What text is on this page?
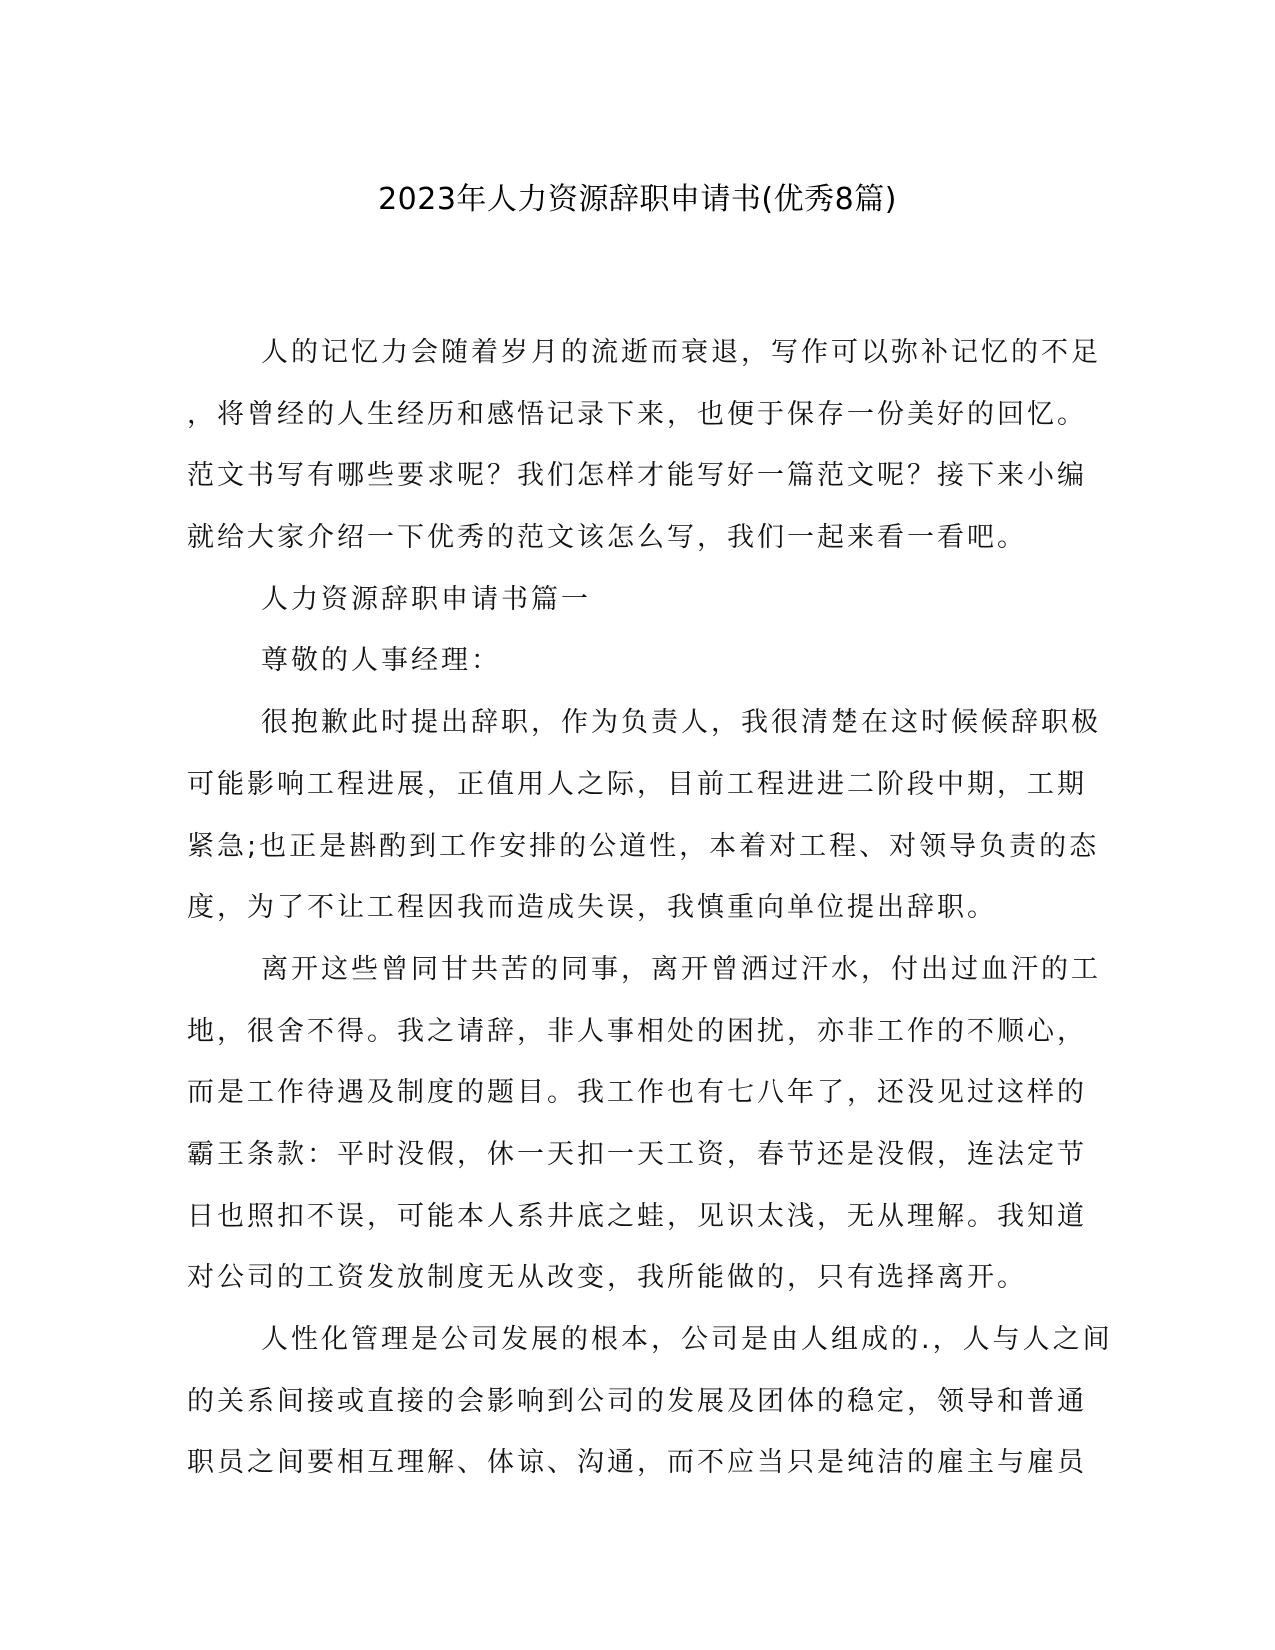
2023年人力资源辞职申请书(优秀8篇)
人的记忆力会随着岁月的流逝而衰退，写作可以弥补记忆的不足
，将曾经的人生经历和感悟记录下来，也便于保存一份美好的回忆。
范文书写有哪些要求呢？我们怎样才能写好一篇范文呢？接下来小编
就给大家介绍一下优秀的范文该怎么写，我们一起来看一看吧。
人力资源辞职申请书篇一
尊敬的人事经理：
很抱歉此时提出辞职，作为负责人，我很清楚在这时候候辞职极
可能影响工程进展，正值用人之际，目前工程进进二阶段中期，工期
紧急;也正是斟酌到工作安排的公道性，本着对工程、对领导负责的态
度，为了不让工程因我而造成失误，我慎重向单位提出辞职。
离开这些曾同甘共苦的同事，离开曾洒过汗水，付出过血汗的工
地，很舍不得。我之请辞，非人事相处的困扰，亦非工作的不顺心，
而是工作待遇及制度的题目。我工作也有七八年了，还没见过这样的
霸王条款：平时没假，休一天扣一天工资，春节还是没假，连法定节
日也照扣不误，可能本人系井底之蛙，见识太浅，无从理解。我知道
对公司的工资发放制度无从改变，我所能做的，只有选择离开。
人性化管理是公司发展的根本，公司是由人组成的.，人与人之间
的关系间接或直接的会影响到公司的发展及团体的稳定，领导和普通
职员之间要相互理解、体谅、沟通，而不应当只是纯洁的雇主与雇员
